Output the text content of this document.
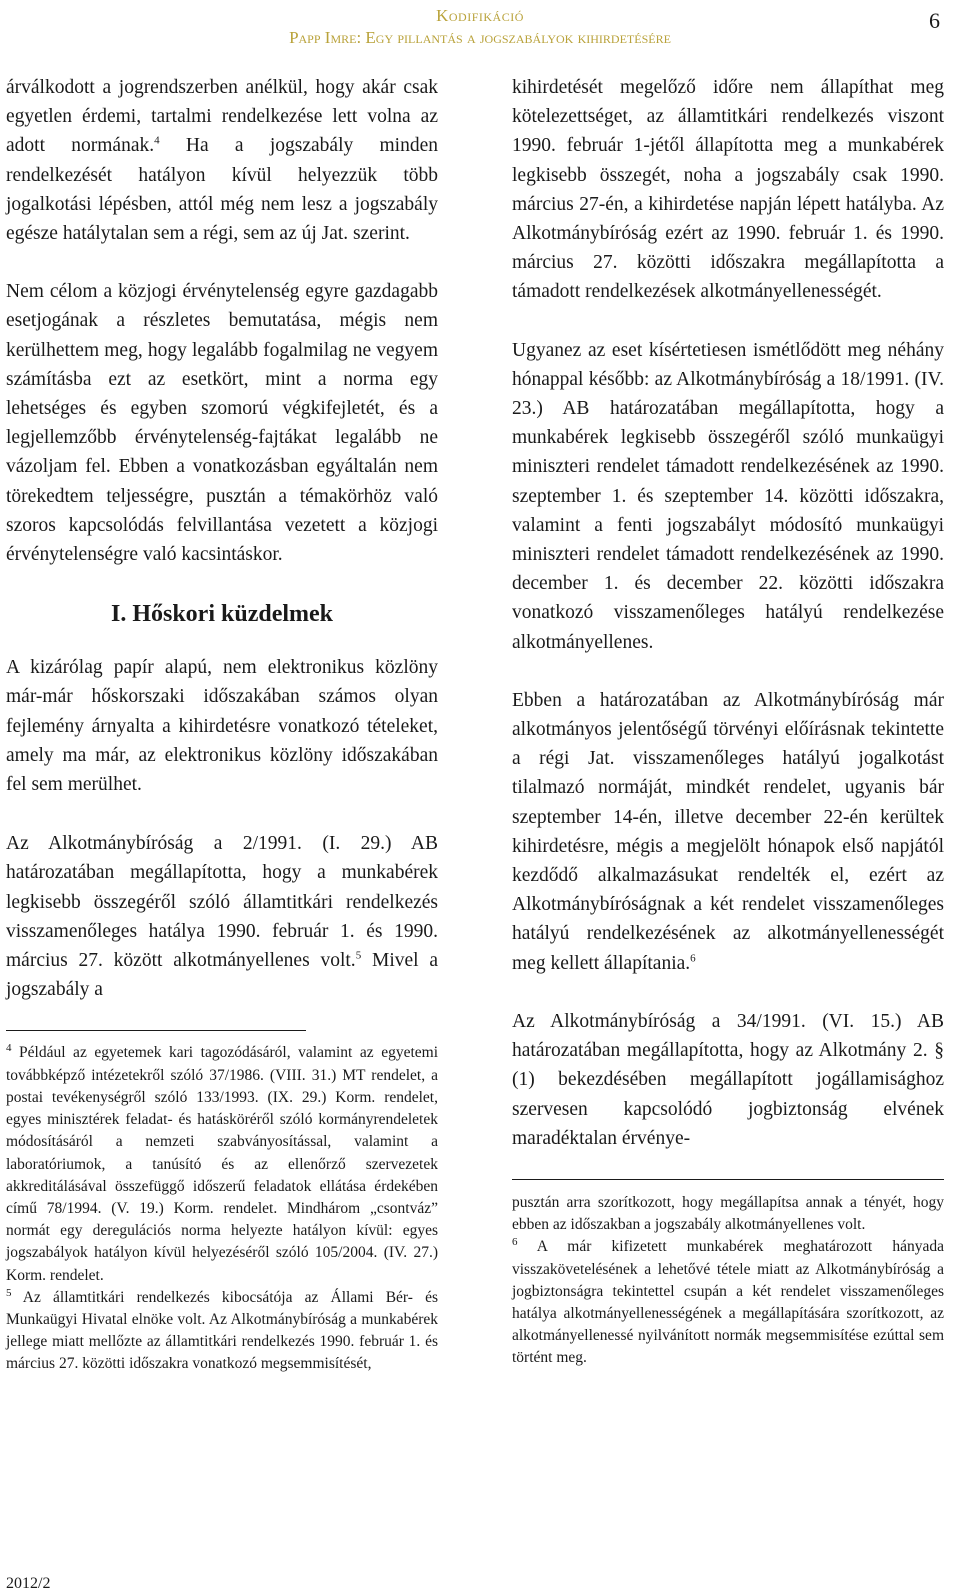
Kodifikáció
Papp Imre: Egy pillantás a jogszabályok kihirdetésére
6

árválkodott a jogrendszerben anélkül, hogy akár csak egyetlen érdemi, tartalmi rendelkezése lett volna az adott normának.$^4$ Ha a jogszabály minden rendelkezését hatályon kívül helyezzük több jogalkotási lépésben, attól még nem lesz a jogszabály egésze hatálytalan sem a régi, sem az új Jat. szerint.

Nem célom a közjogi érvénytelenség egyre gazdagabb esetjogának a részletes bemutatása, mégis nem kerülhettem meg, hogy legalább fogalmilag ne vegyem számításba ezt az esetkört, mint a norma egy lehetséges és egyben szomorú végkifejletét, és a legjellemzőbb érvénytelenség-fajtákat legalább ne vázoljam fel. Ebben a vonatkozásban egyáltalán nem törekedtem teljességre, pusztán a témakörhöz való szoros kapcsolódás felvillantása vezetett a közjogi érvénytelenségre való kacsintáskor.

I. Hőskori küzdelmek

A kizárólag papír alapú, nem elektronikus közlöny már-már hőskorszaki időszakában számos olyan fejlemény árnyalta a kihirdetésre vonatkozó tételeket, amely ma már, az elektronikus közlöny időszakában fel sem merülhet.

Az Alkotmánybíróság a 2/1991. (I. 29.) AB határozatában megállapította, hogy a munkabérek legkisebb összegéről szóló államtitkári rendelkezés visszamenőleges hatálya 1990. február 1. és 1990. március 27. között alkotmányellenes volt.$^5$ Mivel a jogszabály a

$^4$ Például az egyetemek kari tagozódásáról, valamint az egyetemi továbbképző intézetekről szóló 37/1986. (VIII. 31.) MT rendelet, a postai tevékenységről szóló 133/1993. (IX. 29.) Korm. rendelet, egyes minisztérek feladat- és hatásköréről szóló kormányrendeletek módosításáról a nemzeti szabványosítással, valamint a laboratóriumok, a tanúsító és az ellenőrző szervezetek akkreditálásával összefüggő időszerű feladatok ellátása érdekében című 78/1994. (V. 19.) Korm. rendelet. Mindhárom „csontváz” normát egy deregulációs norma helyezte hatályon kívül: egyes jogszabályok hatályon kívül helyezéséről szóló 105/2004. (IV. 27.) Korm. rendelet.

$^5$ Az államtitkári rendelkezés kibocsátója az Állami Bér- és Munkaügyi Hivatal elnöke volt. Az Alkotmánybíróság a munkabérek jellege miatt mellőzte az államtitkári rendelkezés 1990. február 1. és március 27. közötti időszakra vonatkozó megsemmisítését,

kihirdetését megelőző időre nem állapíthat meg kötelezettséget, az államtitkári rendelkezés viszont 1990. február 1-jétől állapította meg a munkabérek legkisebb összegét, noha a jogszabály csak 1990. március 27-én, a kihirdetése napján lépett hatályba. Az Alkotmánybíróság ezért az 1990. február 1. és 1990. március 27. közötti időszakra megállapította a támadott rendelkezések alkotmányellenességét.

Ugyanez az eset kísértetiesen ismétlődött meg néhány hónappal később: az Alkotmánybíróság a 18/1991. (IV. 23.) AB határozatában megállapította, hogy a munkabérek legkisebb összegéről szóló munkaügyi miniszteri rendelet támadott rendelkezésének az 1990. szeptember 1. és szeptember 14. közötti időszakra, valamint a fenti jogszabályt módosító munkaügyi miniszteri rendelet támadott rendelkezésének az 1990. december 1. és december 22. közötti időszakra vonatkozó visszamenőleges hatályú rendelkezése alkotmányellenes.

Ebben a határozatában az Alkotmánybíróság már alkotmányos jelentőségű törvényi előírásnak tekintette a régi Jat. visszamenőleges hatályú jogalkotást tilalmazó normáját, mindkét rendelet, ugyanis bár szeptember 14-én, illetve december 22-én kerültek kihirdetésre, mégis a megjelölt hónapok első napjától kezdődő alkalmazásukat rendelték el, ezért az Alkotmánybíróságnak a két rendelet visszamenőleges hatályú rendelkezésének az alkotmányellenességét meg kellett állapítania.$^6$

Az Alkotmánybíróság a 34/1991. (VI. 15.) AB határozatában megállapította, hogy az Alkotmány 2. § (1) bekezdésében megállapított jogállamisághoz szervesen kapcsolódó jogbiztonság elvének maradéktalan érvénye-

pusztán arra szorítkozott, hogy megállapítsa annak a tényét, hogy ebben az időszakban a jogszabály alkotmányellenes volt.

$^6$ A már kifizetett munkabérek meghatározott hányada visszakövetelésének a lehetővé tétele miatt az Alkotmánybíróság a jogbiztonságra tekintettel csupán a két rendelet visszamenőleges hatálya alkotmányellenességének a megállapítására szorítkozott, az alkotmányellenessé nyilvánított normák megsemmisítése ezúttal sem történt meg.

2012/2
